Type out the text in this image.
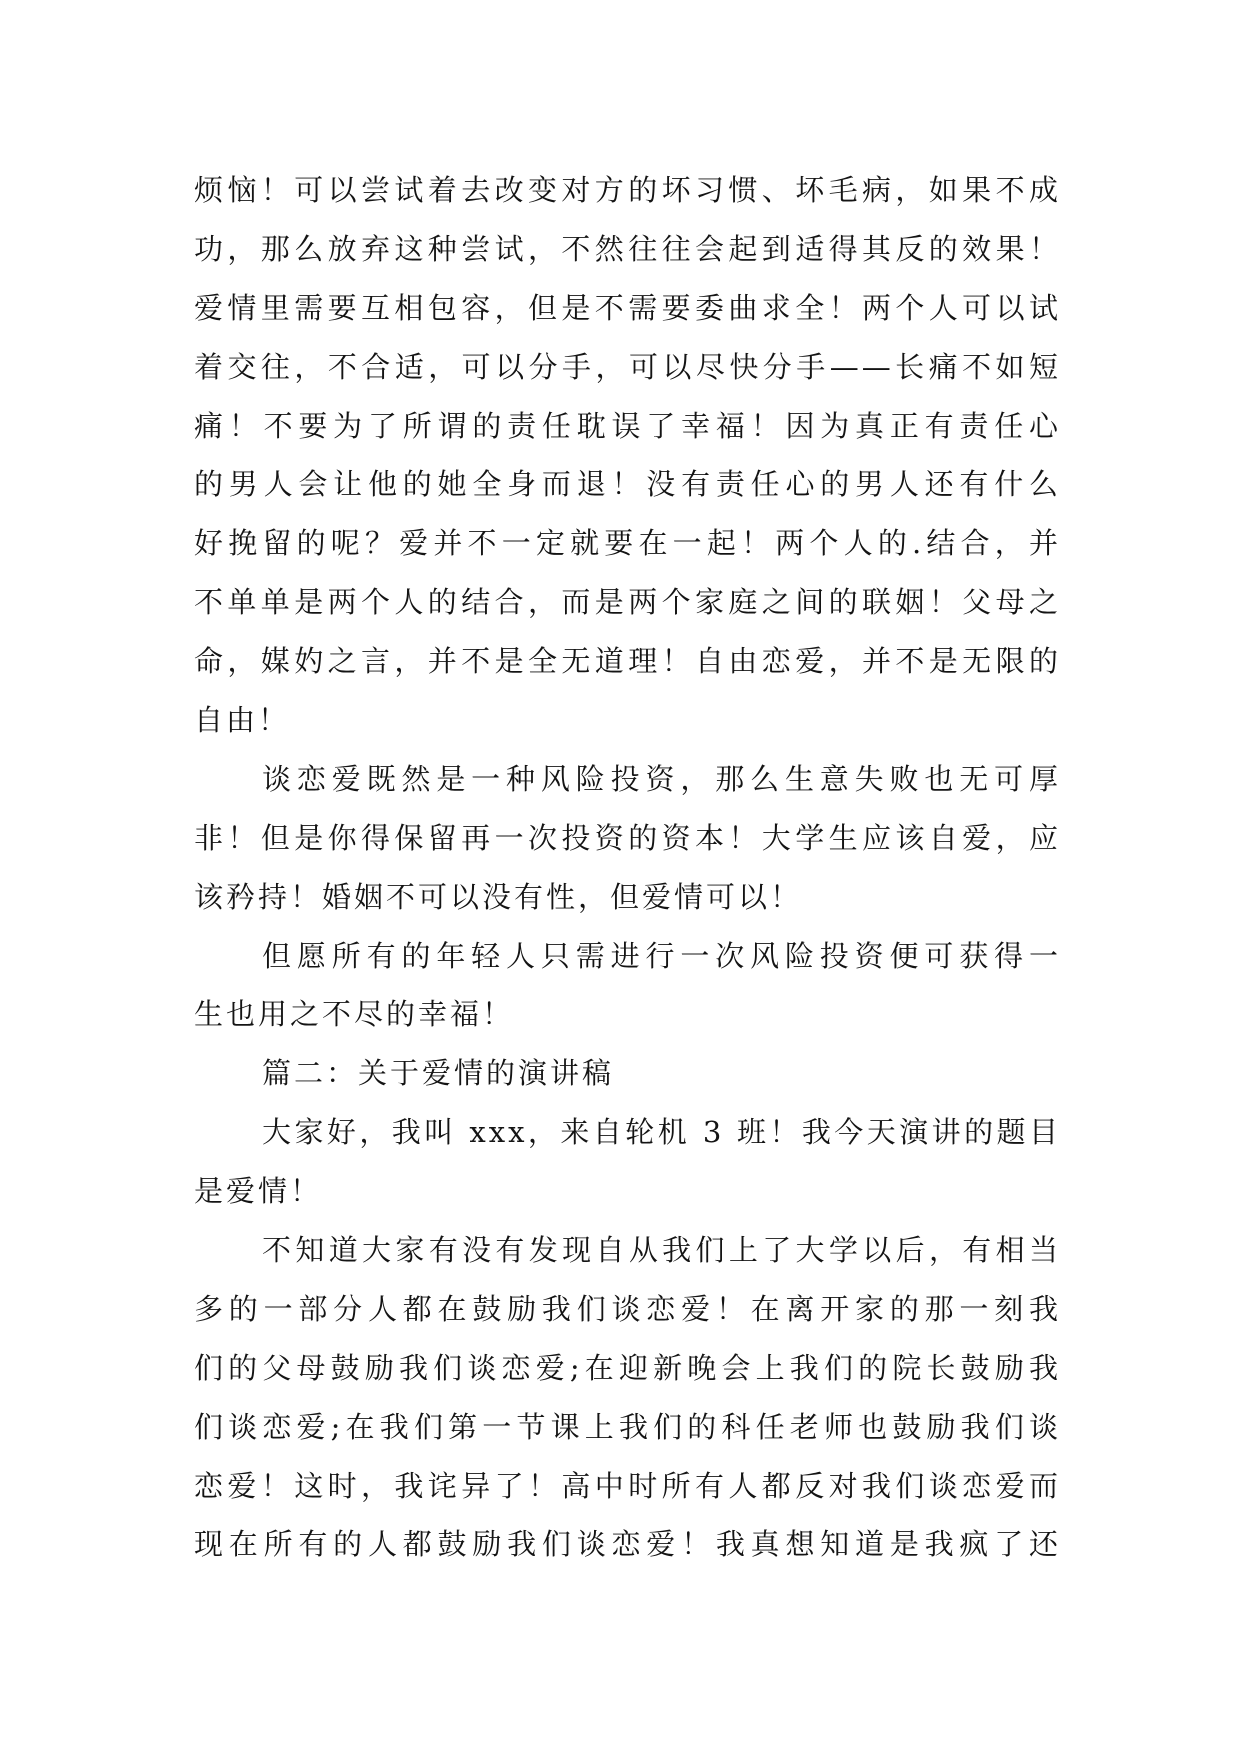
烦恼！可以尝试着去改变对方的坏习惯、坏毛病，如果不成
功，那么放弃这种尝试，不然往往会起到适得其反的效果！
爱情里需要互相包容，但是不需要委曲求全！两个人可以试
着交往，不合适，可以分手，可以尽快分手——长痛不如短
痛！不要为了所谓的责任耽误了幸福！因为真正有责任心
的男人会让他的她全身而退！没有责任心的男人还有什么
好挽留的呢？爱并不一定就要在一起！两个人的.结合，并
不单单是两个人的结合，而是两个家庭之间的联姻！父母之
命，媒妁之言，并不是全无道理！自由恋爱，并不是无限的
自由！
谈恋爱既然是一种风险投资，那么生意失败也无可厚
非！但是你得保留再一次投资的资本！大学生应该自爱，应
该矜持！婚姻不可以没有性，但爱情可以！
但愿所有的年轻人只需进行一次风险投资便可获得一
生也用之不尽的幸福！
篇二：关于爱情的演讲稿
大家好，我叫 xxx，来自轮机 3 班！我今天演讲的题目
是爱情！
不知道大家有没有发现自从我们上了大学以后，有相当
多的一部分人都在鼓励我们谈恋爱！在离开家的那一刻我
们的父母鼓励我们谈恋爱;在迎新晚会上我们的院长鼓励我
们谈恋爱;在我们第一节课上我们的科任老师也鼓励我们谈
恋爱！这时，我诧异了！高中时所有人都反对我们谈恋爱而
现在所有的人都鼓励我们谈恋爱！我真想知道是我疯了还
